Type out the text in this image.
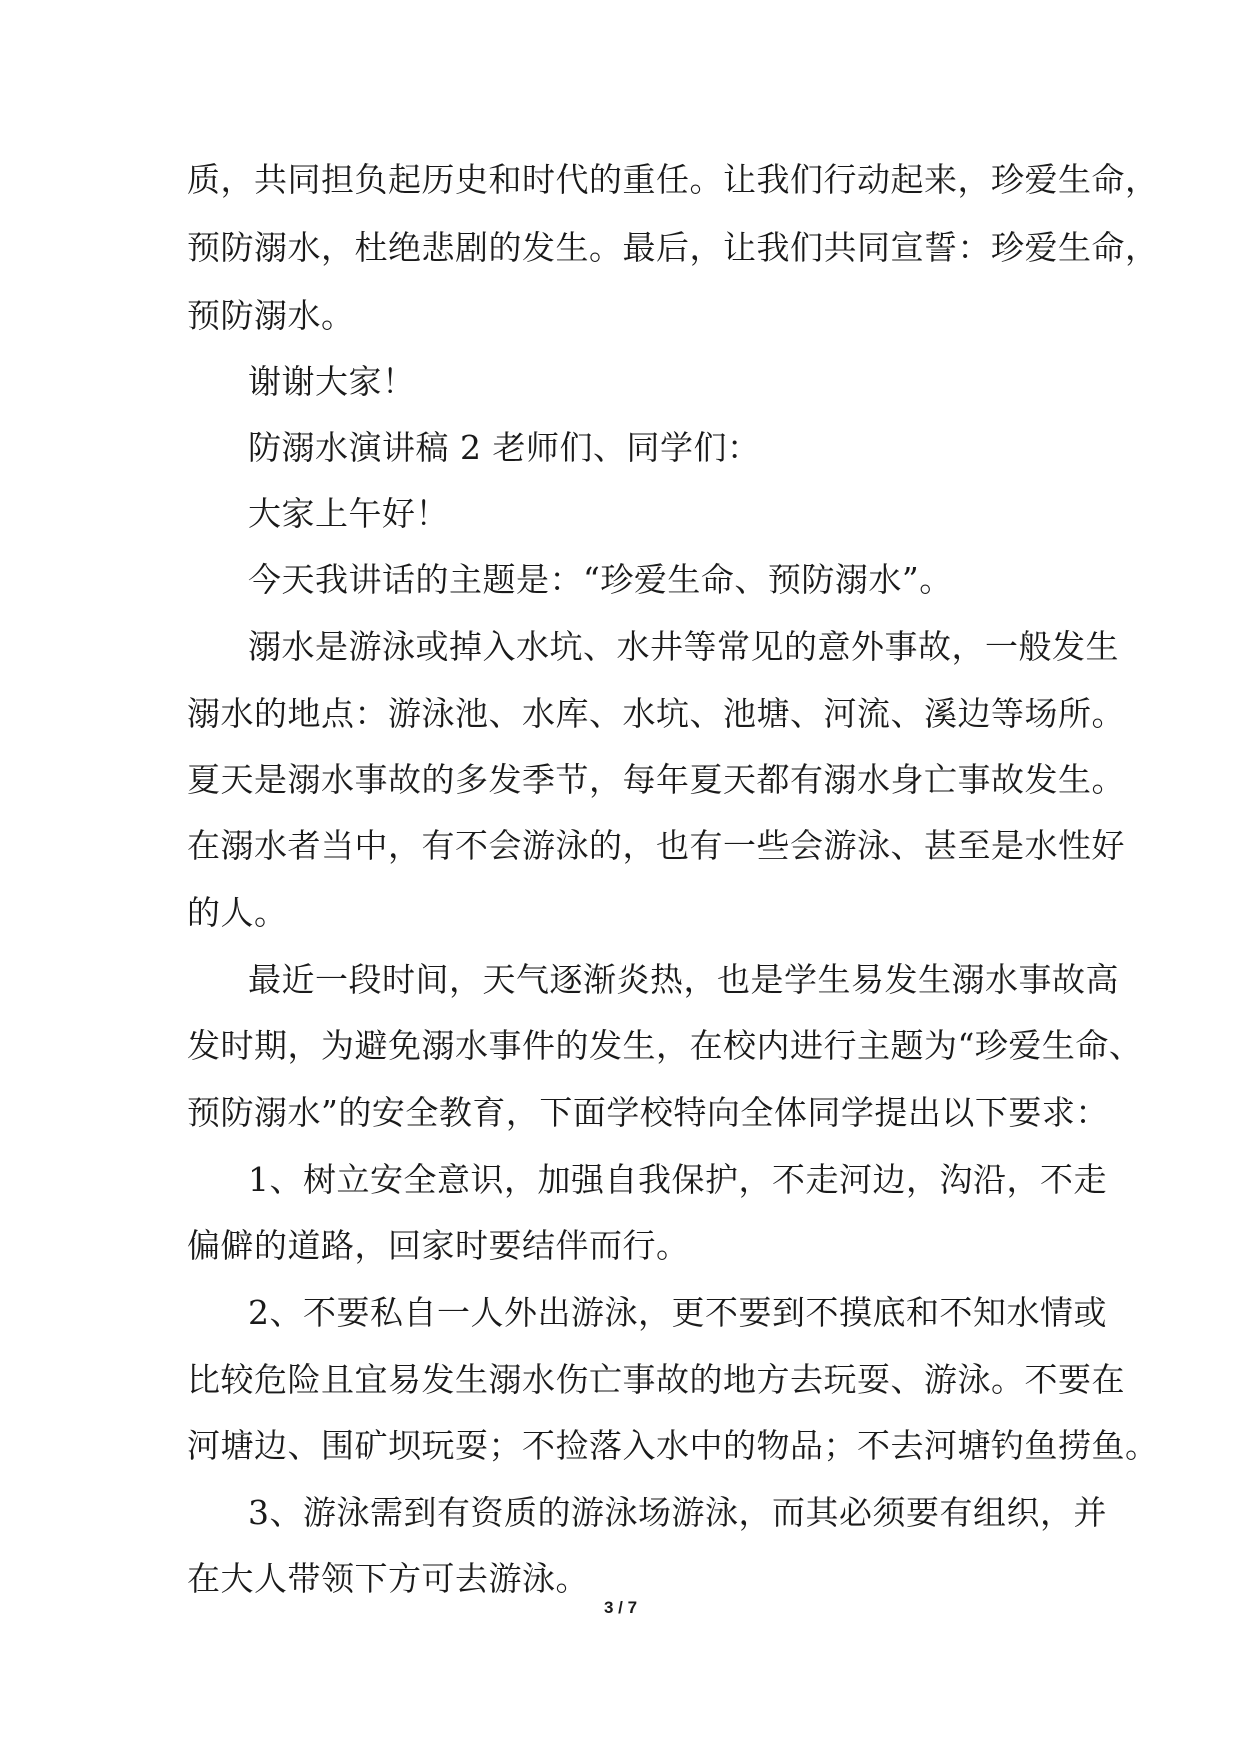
质，共同担负起历史和时代的重任。让我们行动起来，珍爱生命，
预防溺水，杜绝悲剧的发生。最后，让我们共同宣誓：珍爱生命，
预防溺水。
谢谢大家！
防溺水演讲稿 2 老师们、同学们：
大家上午好！
今天我讲话的主题是：“珍爱生命、预防溺水”。
溺水是游泳或掉入水坑、水井等常见的意外事故，一般发生
溺水的地点：游泳池、水库、水坑、池塘、河流、溪边等场所。
夏天是溺水事故的多发季节，每年夏天都有溺水身亡事故发生。
在溺水者当中，有不会游泳的，也有一些会游泳、甚至是水性好
的人。
最近一段时间，天气逐渐炎热，也是学生易发生溺水事故高
发时期，为避免溺水事件的发生，在校内进行主题为“珍爱生命、
预防溺水”的安全教育，下面学校特向全体同学提出以下要求：
1、树立安全意识，加强自我保护，不走河边，沟沿，不走
偏僻的道路，回家时要结伴而行。
2、不要私自一人外出游泳，更不要到不摸底和不知水情或
比较危险且宜易发生溺水伤亡事故的地方去玩耍、游泳。不要在
河塘边、围矿坝玩耍；不捡落入水中的物品；不去河塘钓鱼捞鱼。
3、游泳需到有资质的游泳场游泳，而其必须要有组织，并
在大人带领下方可去游泳。
3 / 7
